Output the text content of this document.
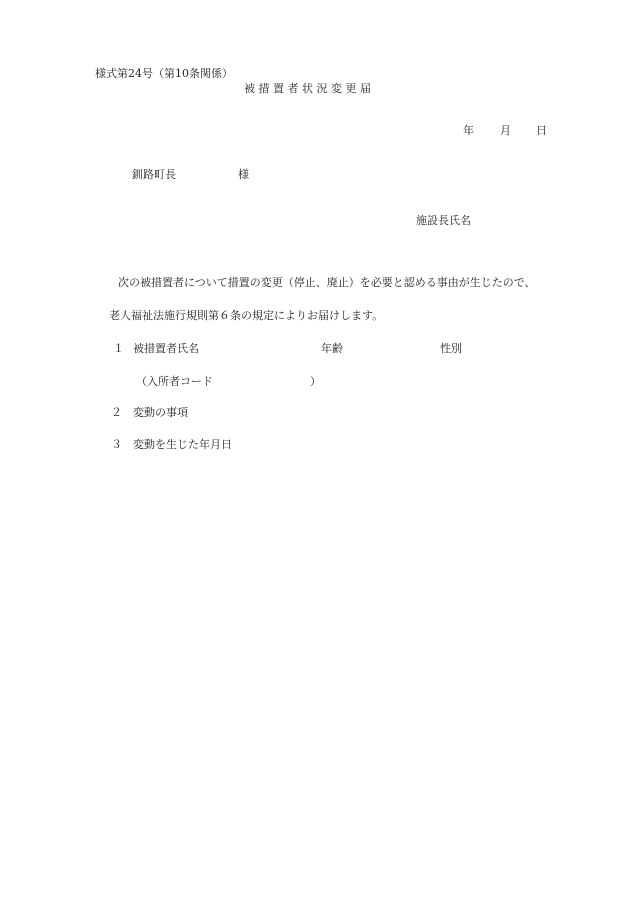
様式第24号（第10条関係）
被 措 置 者 状 況 変 更 届
年 月 日
釧路町長	様
施設長氏名
次の被措置者について措置の変更（停止、廃止）を必要と認める事由が生じたので、
老人福祉法施行規則第６条の規定によりお届けします。
１ 被措置者氏名	年齢	性別
（入所者コード	）
２ 変動の事項
３ 変動を生じた年月日
